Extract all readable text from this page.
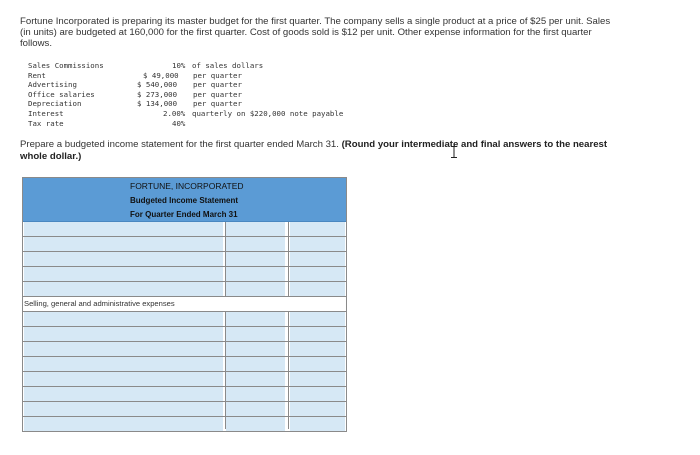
Fortune Incorporated is preparing its master budget for the first quarter. The company sells a single product at a price of $25 per unit. Sales (in units) are budgeted at 160,000 for the first quarter. Cost of goods sold is $12 per unit. Other expense information for the first quarter follows.
Sales Commissions	10% of sales dollars
Rent	$ 49,000 per quarter
Advertising	$ 540,000 per quarter
Office salaries	$ 273,000 per quarter
Depreciation	$ 134,000 per quarter
Interest	2.00% quarterly on $220,000 note payable
Tax rate	40%
Prepare a budgeted income statement for the first quarter ended March 31. (Round your intermediate and final answers to the nearest whole dollar.)
FORTUNE, INCORPORATED
Budgeted Income Statement
For Quarter Ended March 31
Selling, general and administrative expenses
